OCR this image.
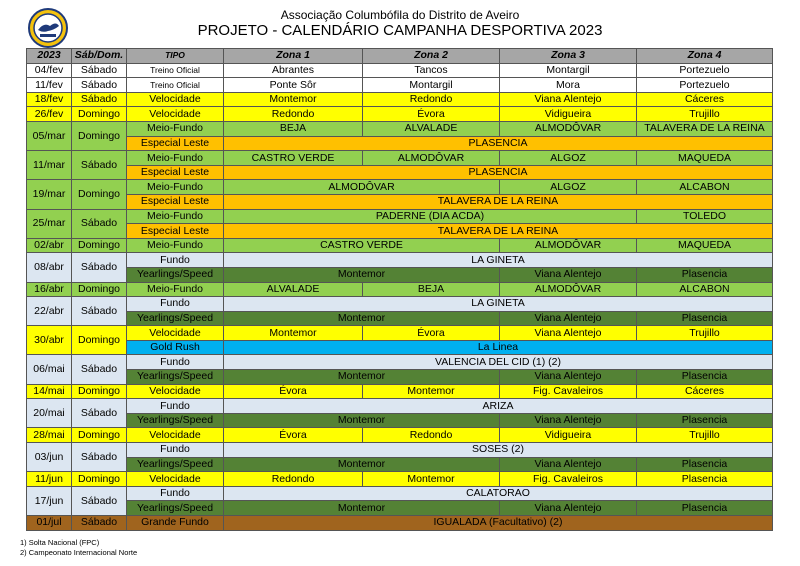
Associação Columbófila do Distrito de Aveiro
PROJETO - CALENDÁRIO CAMPANHA DESPORTIVA 2023
2023	Sáb/Dom.	TIPO	Zona 1	Zona 2	Zona 3	Zona 4
04/fev	Sábado	Treino Oficial	Abrantes	Tancos	Montargil	Portezuelo
11/fev	Sábado	Treino Oficial	Ponte Sôr	Montargil	Mora	Portezuelo
18/fev	Sábado	Velocidade	Montemor	Redondo	Viana Alentejo	Cáceres
26/fev	Domingo	Velocidade	Redondo	Évora	Vidigueira	Trujillo
05/mar	Domingo	Meio-Fundo	BEJA	ALVALADE	ALMODÔVAR	TALAVERA DE LA REINA
		Especial Leste	PLASENCIA			
11/mar	Sábado	Meio-Fundo	CASTRO VERDE	ALMODÔVAR	ALGOZ	MAQUEDA
		Especial Leste	PLASENCIA			
19/mar	Domingo	Meio-Fundo	ALMODÔVAR		ALGOZ	ALCABON
		Especial Leste	TALAVERA DE LA REINA			
25/mar	Sábado	Meio-Fundo	PADERNE (DIA ACDA)			TOLEDO
		Especial Leste	TALAVERA DE LA REINA			
02/abr	Domingo	Meio-Fundo	CASTRO VERDE		ALMODÔVAR	MAQUEDA
08/abr	Sábado	Fundo	LA GINETA			
		Yearlings/Speed	Montemor		Viana Alentejo	Plasencia
16/abr	Domingo	Meio-Fundo	ALVALADE	BEJA	ALMODÔVAR	ALCABON
22/abr	Sábado	Fundo	LA GINETA			
		Yearlings/Speed	Montemor		Viana Alentejo	Plasencia
30/abr	Domingo	Velocidade	Montemor	Évora	Viana Alentejo	Trujillo
		Gold Rush	La Linea			
06/mai	Sábado	Fundo	VALENCIA DEL CID (1) (2)			
		Yearlings/Speed	Montemor		Viana Alentejo	Plasencia
14/mai	Domingo	Velocidade	Évora	Montemor	Fig. Cavaleiros	Cáceres
20/mai	Sábado	Fundo	ARIZA			
		Yearlings/Speed	Montemor		Viana Alentejo	Plasencia
28/mai	Domingo	Velocidade	Évora	Redondo	Vidigueira	Trujillo
03/jun	Sábado	Fundo	SOSES (2)			
		Yearlings/Speed	Montemor		Viana Alentejo	Plasencia
11/jun	Domingo	Velocidade	Redondo	Montemor	Fig. Cavaleiros	Plasencia
17/jun	Sábado	Fundo	CALATORAO			
		Yearlings/Speed	Montemor		Viana Alentejo	Plasencia
01/jul	Sábado	Grande Fundo	IGUALADA (Facultativo) (2)			
1) Solta Nacional (FPC)
2) Campeonato Internacional Norte
